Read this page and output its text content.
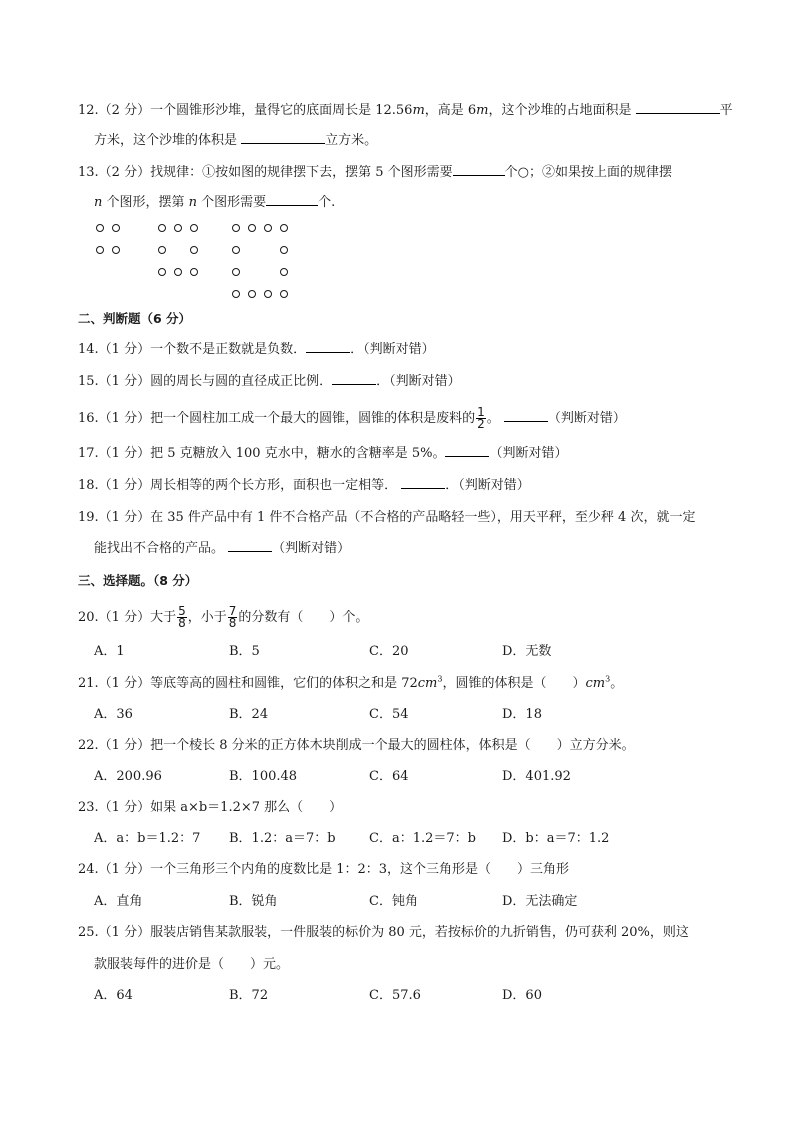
12.（2 分）一个圆锥形沙堆，量得它的底面周长是 12.56m，高是 6m，这个沙堆的占地面积是	平
方米，这个沙堆的体积是	立方米。
13.（2 分）找规律：①按如图的规律摆下去，摆第 5 个图形需要	个○；②如果按上面的规律摆
n 个图形，摆第 n 个图形需要	个.
二、判断题（6 分）
14.（1 分）一个数不是正数就是负数．	．（判断对错）
15.（1 分）圆的周长与圆的直径成正比例．	．（判断对错）
16.（1 分）把一个圆柱加工成一个最大的圆锥，圆锥的体积是废料的 $\frac{1}{2}$ 。	（判断对错）
17.（1 分）把 5 克糖放入 100 克水中，糖水的含糖率是 5%。	（判断对错）
18.（1 分）周长相等的两个长方形，面积也一定相等．	．（判断对错）
19.（1 分）在 35 件产品中有 1 件不合格产品（不合格的产品略轻一些），用天平秤，至少秤 4 次，就一定
能找出不合格的产品。	（判断对错）
三、选择题。（8 分）
20.（1 分）大于 $\frac{5}{8}$ ，小于 $\frac{7}{8}$ 的分数有（　　）个。
A．1	B．5	C．20	D．无数
21.（1 分）等底等高的圆柱和圆锥，它们的体积之和是 $72cm^3$，圆锥的体积是（　　）$cm^3$。
A．36	B．24	C．54	D．18
22.（1 分）把一个棱长 8 分米的正方体木块削成一个最大的圆柱体，体积是（　　）立方分米。
A．200.96	B．100.48	C．64	D．401.92
23.（1 分）如果 a×b＝1.2×7 那么（　　）
A．a：b＝1.2：7 B．1.2：a＝7：b	C．a：1.2＝7：b D．b：a＝7：1.2
24.（1 分）一个三角形三个内角的度数比是 1：2：3，这个三角形是（　　）三角形
A．直角	B．锐角	C．钝角	D．无法确定
25.（1 分）服装店销售某款服装，一件服装的标价为 80 元，若按标价的九折销售，仍可获利 20%，则这
款服装每件的进价是（　　）元。
A．64	B．72	C．57.6	D．60
